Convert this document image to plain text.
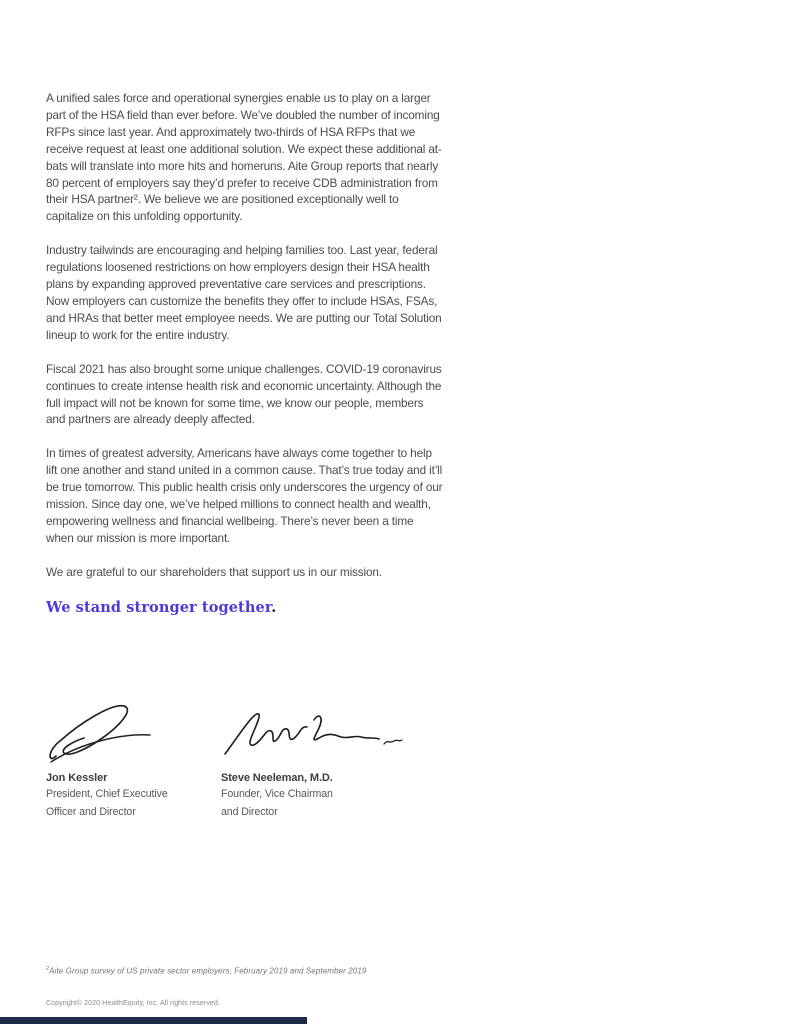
A unified sales force and operational synergies enable us to play on a larger part of the HSA field than ever before. We’ve doubled the number of incoming RFPs since last year. And approximately two-thirds of HSA RFPs that we receive request at least one additional solution. We expect these additional at-bats will translate into more hits and homeruns. Aite Group reports that nearly 80 percent of employers say they’d prefer to receive CDB administration from their HSA partner². We believe we are positioned exceptionally well to capitalize on this unfolding opportunity.

Industry tailwinds are encouraging and helping families too. Last year, federal regulations loosened restrictions on how employers design their HSA health plans by expanding approved preventative care services and prescriptions. Now employers can customize the benefits they offer to include HSAs, FSAs, and HRAs that better meet employee needs. We are putting our Total Solution lineup to work for the entire industry.

Fiscal 2021 has also brought some unique challenges. COVID-19 coronavirus continues to create intense health risk and economic uncertainty. Although the full impact will not be known for some time, we know our people, members and partners are already deeply affected.

In times of greatest adversity, Americans have always come together to help lift one another and stand united in a common cause. That’s true today and it’ll be true tomorrow. This public health crisis only underscores the urgency of our mission. Since day one, we’ve helped millions to connect health and wealth, empowering wellness and financial wellbeing. There’s never been a time when our mission is more important.

We are grateful to our shareholders that support us in our mission.

We stand stronger together.
Jon Kessler
President, Chief Executive
Officer and Director
Steve Neeleman, M.D.
Founder, Vice Chairman
and Director
$^2$Aite Group survey of US private sector employers, February 2019 and September 2019
Copyright© 2020 HealthEquity, Inc. All rights reserved.
